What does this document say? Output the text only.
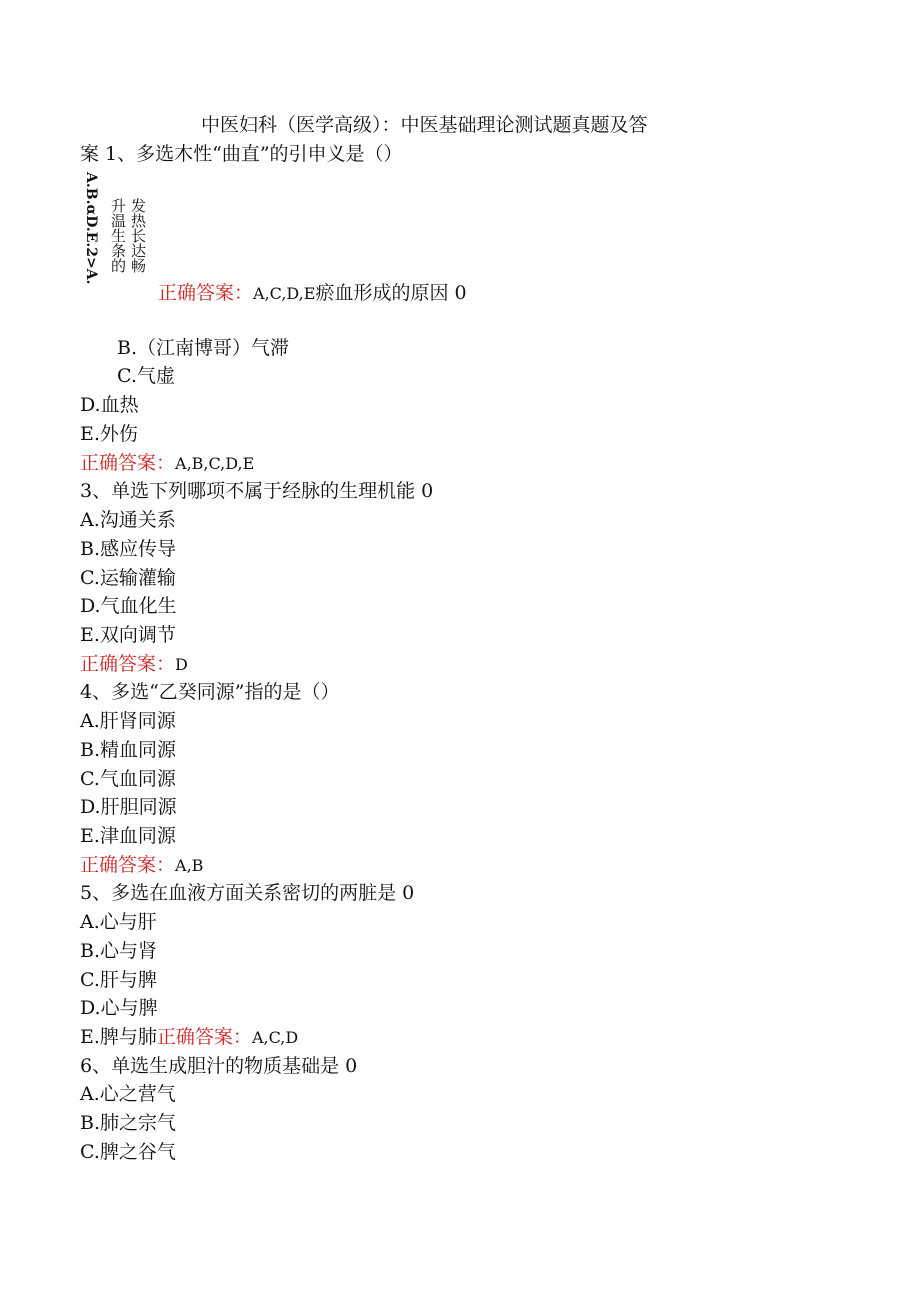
中医妇科（医学高级）：中医基础理论测试题真题及答
案 1、多选木性“曲直”的引申义是（）
A.B.αD.E.2>A. 升温生条的 发热长达畅
正确答案：A,C,D,E瘀血形成的原因 0
B.（江南博哥）气滞
C.气虚
D.血热
E.外伤
正确答案：A,B,C,D,E
3、单选下列哪项不属于经脉的生理机能 0
A.沟通关系
B.感应传导
C.运输灌输
D.气血化生
E.双向调节
正确答案：D
4、多选“乙癸同源”指的是（）
A.肝肾同源
B.精血同源
C.气血同源
D.肝胆同源
E.津血同源
正确答案：A,B
5、多选在血液方面关系密切的两脏是 0
A.心与肝
B.心与肾
C.肝与脾
D.心与脾
E.脾与肺正确答案：A,C,D
6、单选生成胆汁的物质基础是 0
A.心之营气
B.肺之宗气
C.脾之谷气
